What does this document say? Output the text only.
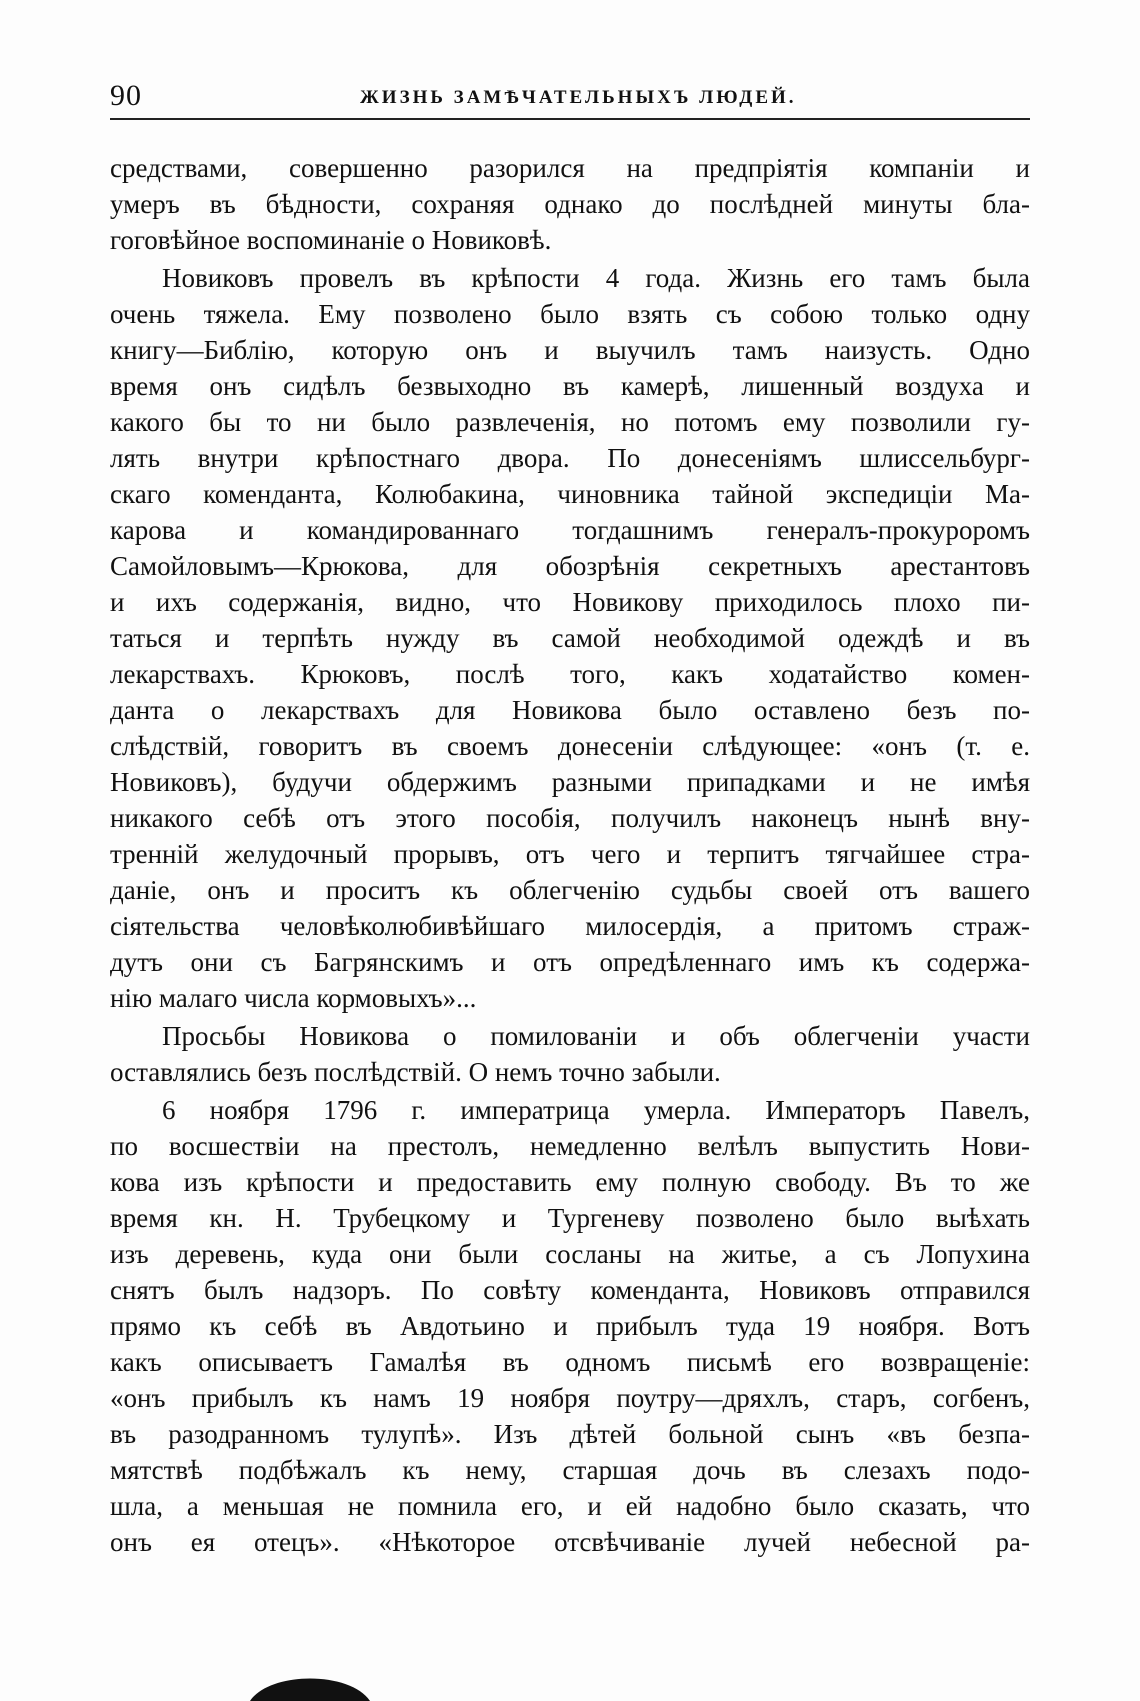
90	ЖИЗНЬ ЗАМѢЧАТЕЛЬНЫХЪ ЛЮДЕЙ.
средствами, совершенно разорился на предпріятія компаніи и
умеръ въ бѣдности, сохраняя однако до послѣдней минуты бла-
гоговѣйное воспоминаніе о Новиковѣ.
Новиковъ провелъ въ крѣпости 4 года. Жизнь его тамъ была
очень тяжела. Ему позволено было взять съ собою только одну
книгу—Библію, которую онъ и выучилъ тамъ наизусть. Одно
время онъ сидѣлъ безвыходно въ камерѣ, лишенный воздуха и
какого бы то ни было развлеченія, но потомъ ему позволили гу-
лять внутри крѣпостнаго двора. По донесеніямъ шлиссельбург-
скаго коменданта, Колюбакина, чиновника тайной экспедиціи Ма-
карова и командированнаго тогдашнимъ генералъ-прокуроромъ
Самойловымъ—Крюкова, для обозрѣнія секретныхъ арестантовъ
и ихъ содержанія, видно, что Новикову приходилось плохо пи-
таться и терпѣть нужду въ самой необходимой одеждѣ и въ
лекарствахъ. Крюковъ, послѣ того, какъ ходатайство комен-
данта о лекарствахъ для Новикова было оставлено безъ по-
слѣдствій, говоритъ въ своемъ донесеніи слѣдующее: «онъ (т. е.
Новиковъ), будучи обдержимъ разными припадками и не имѣя
никакого себѣ отъ этого пособія, получилъ наконецъ нынѣ вну-
тренній желудочный прорывъ, отъ чего и терпитъ тягчайшее стра-
даніе, онъ и проситъ къ облегченію судьбы своей отъ вашего
сіятельства человѣколюбивѣйшаго милосердія, а притомъ страж-
дутъ они съ Багрянскимъ и отъ опредѣленнаго имъ къ содержа-
нію малаго числа кормовыхъ»...
Просьбы Новикова о помилованіи и объ облегченіи участи
оставлялись безъ послѣдствій. О немъ точно забыли.
6 ноября 1796 г. императрица умерла. Императоръ Павелъ,
по восшествіи на престолъ, немедленно велѣлъ выпустить Нови-
кова изъ крѣпости и предоставить ему полную свободу. Въ то же
время кн. Н. Трубецкому и Тургеневу позволено было выѣхать
изъ деревень, куда они были сосланы на житье, а съ Лопухина
снятъ былъ надзоръ. По совѣту коменданта, Новиковъ отправился
прямо къ себѣ въ Авдотьино и прибылъ туда 19 ноября. Вотъ
какъ описываетъ Гамалѣя въ одномъ письмѣ его возвращеніе:
«онъ прибылъ къ намъ 19 ноября поутру—дряхлъ, старъ, согбенъ,
въ разодранномъ тулупѣ». Изъ дѣтей больной сынъ «въ безпа-
мятствѣ подбѣжалъ къ нему, старшая дочь въ слезахъ подо-
шла, а меньшая не помнила его, и ей надобно было сказать, что
онъ ея отецъ». «Нѣкоторое отсвѣчиваніе лучей небесной ра-
